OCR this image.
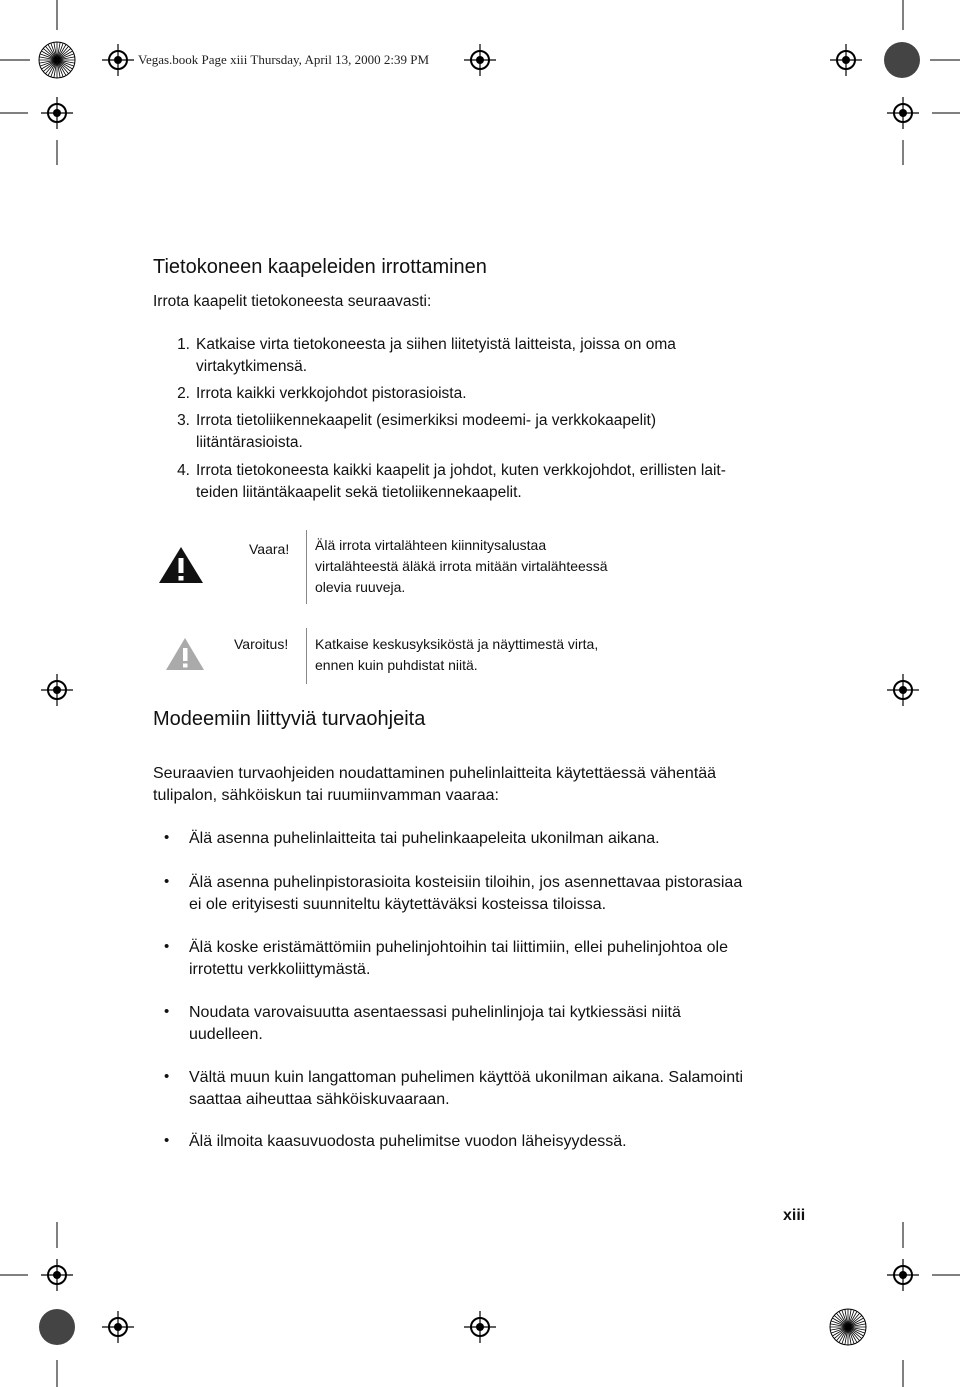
Vegas.book Page xiii Thursday, April 13, 2000 2:39 PM
Tietokoneen kaapeleiden irrottaminen
Irrota kaapelit tietokoneesta seuraavasti:
1. Katkaise virta tietokoneesta ja siihen liitetyistä laitteista, joissa on oma
virtakytkimensä.
2. Irrota kaikki verkkojohdot pistorasioista.
3. Irrota tietoliikennekaapelit (esimerkiksi modeemi- ja verkkokaapelit)
liitäntärasioista.
4. Irrota tietokoneesta kaikki kaapelit ja johdot, kuten verkkojohdot, erillisten lait-
teiden liitäntäkaapelit sekä tietoliikennekaapelit.
Vaara! Älä irrota virtalähteen kiinnitysalustaa
virtalähteestä äläkä irrota mitään virtalähteessä
olevia ruuveja.
Varoitus! Katkaise keskusyksiköstä ja näyttimestä virta,
ennen kuin puhdistat niitä.
Modeemiin liittyviä turvaohjeita
Seuraavien turvaohjeiden noudattaminen puhelinlaitteita käytettäessä vähentää
tulipalon, sähköiskun tai ruumiinvamman vaaraa:
• Älä asenna puhelinlaitteita tai puhelinkaapeleita ukonilman aikana.
• Älä asenna puhelinpistorasioita kosteisiin tiloihin, jos asennettavaa pistorasiaa
ei ole erityisesti suunniteltu käytettäväksi kosteissa tiloissa.
• Älä koske eristämättömiin puhelinjohtoihin tai liittimiin, ellei puhelinjohtoa ole
irrotettu verkkoliittymästä.
• Noudata varovaisuutta asentaessasi puhelinlinjoja tai kytkiessäsi niitä
uudelleen.
• Vältä muun kuin langattoman puhelimen käyttöä ukonilman aikana. Salamointi
saattaa aiheuttaa sähköiskuvaaraan.
• Älä ilmoita kaasuvuodosta puhelimitse vuodon läheisyydessä.
xiii
